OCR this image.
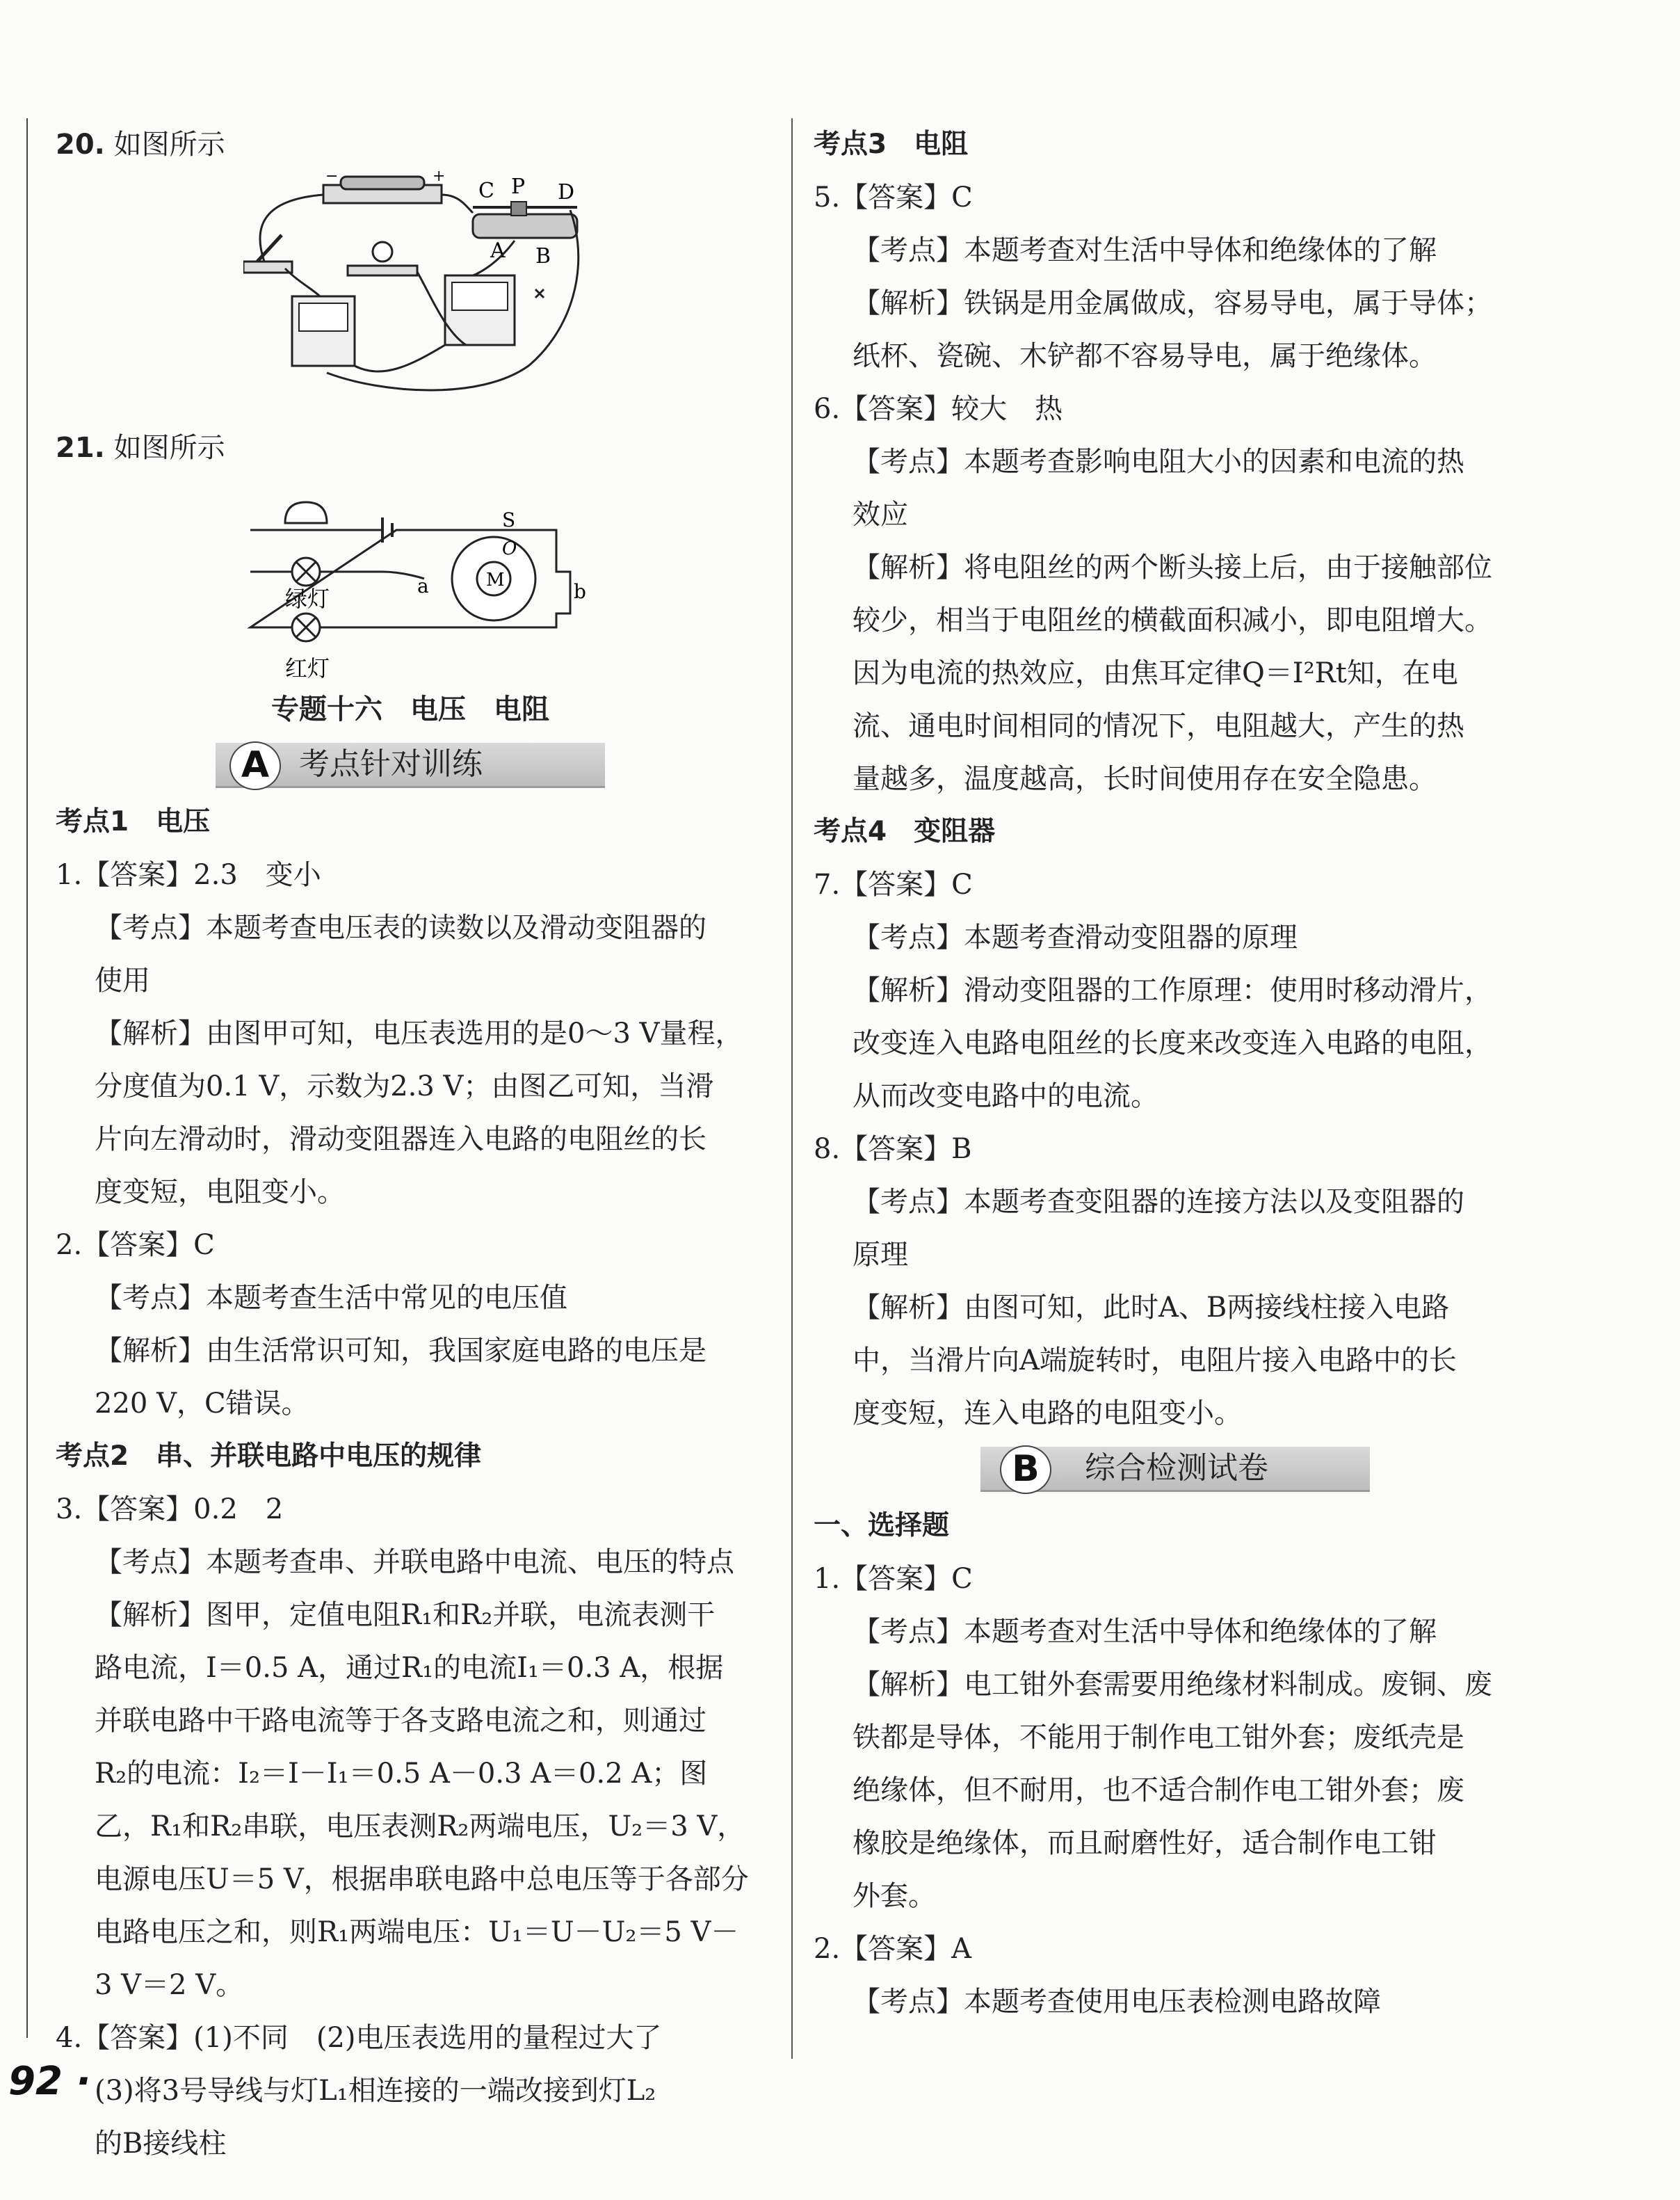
20. 如图所示
−	+
C P D
A B
21. 如图所示
S
O
M
a	b
绿灯
红灯
专题十六　电压　电阻
A 考点针对训练
考点1　电压
1.【答案】2.3　变小
【考点】本题考查电压表的读数以及滑动变阻器的
使用
【解析】由图甲可知，电压表选用的是0～3 V量程，
分度值为0.1 V，示数为2.3 V；由图乙可知，当滑
片向左滑动时，滑动变阻器连入电路的电阻丝的长
度变短，电阻变小。
2.【答案】C
【考点】本题考查生活中常见的电压值
【解析】由生活常识可知，我国家庭电路的电压是
220 V，C错误。
考点2　串、并联电路中电压的规律
3.【答案】0.2　2
【考点】本题考查串、并联电路中电流、电压的特点
【解析】图甲，定值电阻R₁和R₂并联，电流表测干
路电流，I＝0.5 A，通过R₁的电流I₁＝0.3 A，根据
并联电路中干路电流等于各支路电流之和，则通过
R₂的电流：I₂＝I－I₁＝0.5 A－0.3 A＝0.2 A；图
乙，R₁和R₂串联，电压表测R₂两端电压，U₂＝3 V，
电源电压U＝5 V，根据串联电路中总电压等于各部分
电路电压之和，则R₁两端电压：U₁＝U－U₂＝5 V－
3 V＝2 V。
4.【答案】(1)不同　(2)电压表选用的量程过大了
(3)将3号导线与灯L₁相连接的一端改接到灯L₂
的B接线柱
考点3　电阻
5.【答案】C
【考点】本题考查对生活中导体和绝缘体的了解
【解析】铁锅是用金属做成，容易导电，属于导体；
纸杯、瓷碗、木铲都不容易导电，属于绝缘体。
6.【答案】较大　热
【考点】本题考查影响电阻大小的因素和电流的热
效应
【解析】将电阻丝的两个断头接上后，由于接触部位
较少，相当于电阻丝的横截面积减小，即电阻增大。
因为电流的热效应，由焦耳定律Q＝I²Rt知，在电
流、通电时间相同的情况下，电阻越大，产生的热
量越多，温度越高，长时间使用存在安全隐患。
考点4　变阻器
7.【答案】C
【考点】本题考查滑动变阻器的原理
【解析】滑动变阻器的工作原理：使用时移动滑片，
改变连入电路电阻丝的长度来改变连入电路的电阻，
从而改变电路中的电流。
8.【答案】B
【考点】本题考查变阻器的连接方法以及变阻器的
原理
【解析】由图可知，此时A、B两接线柱接入电路
中，当滑片向A端旋转时，电阻片接入电路中的长
度变短，连入电路的电阻变小。
B	综合检测试卷
一、选择题
1.【答案】C
【考点】本题考查对生活中导体和绝缘体的了解
【解析】电工钳外套需要用绝缘材料制成。废铜、废
铁都是导体，不能用于制作电工钳外套；废纸壳是
绝缘体，但不耐用，也不适合制作电工钳外套；废
橡胶是绝缘体，而且耐磨性好，适合制作电工钳
外套。
2.【答案】A
【考点】本题考查使用电压表检测电路故障
92 ·
